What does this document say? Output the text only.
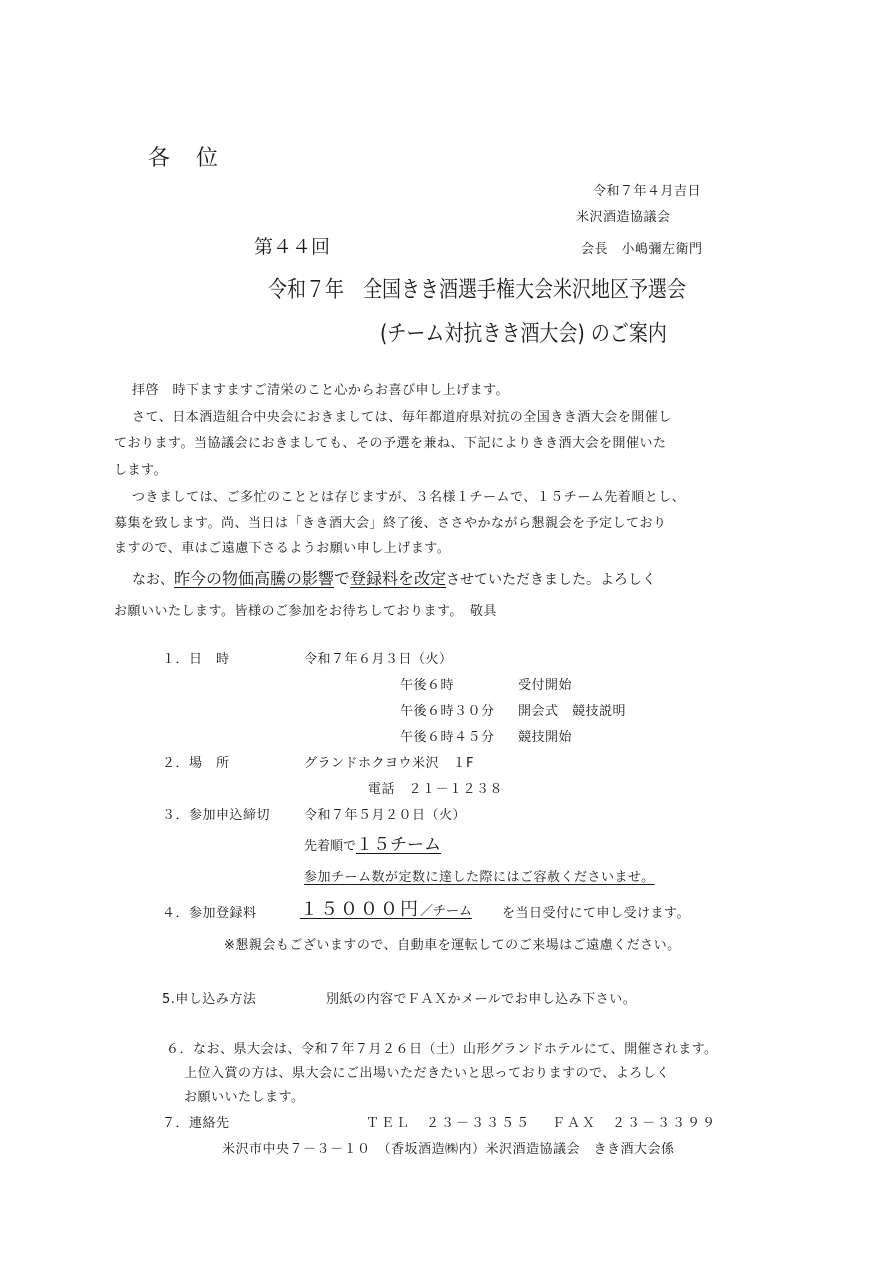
各　位
令和７年４月吉日
米沢酒造協議会
会長　小嶋彌左衛門
第４４回
令和７年　全国きき酒選手権大会米沢地区予選会
(チーム対抗きき酒大会) のご案内
拝啓　時下ますますご清栄のこと心からお喜び申し上げます。
さて、日本酒造組合中央会におきましては、毎年都道府県対抗の全国きき酒大会を開催し
ております。当協議会におきましても、その予選を兼ね、下記によりきき酒大会を開催いた
します。
つきましては、ご多忙のこととは存じますが、３名様１チームで、１５チーム先着順とし、
募集を致します。尚、当日は「きき酒大会」終了後、ささやかながら懇親会を予定しており
ますので、車はご遠慮下さるようお願い申し上げます。
なお、昨今の物価高騰の影響で登録料を改定させていただきました。よろしく
お願いいたします。皆様のご参加をお待ちしております。　敬具
１．日　時	令和７年６月３日（火）
午後６時	受付開始
午後６時３０分 開会式　競技説明
午後６時４５分 競技開始
２．場　所	グランドホクヨウ米沢　１F
電話　２１－１２３８
３．参加申込締切	令和７年５月２０日（火）
先着順で１５チーム
参加チーム数が定数に達した際にはご容赦くださいませ。
４．参加登録料 １５０００円／チーム を当日受付にて申し受けます。
※懇親会もございますので、自動車を運転してのご来場はご遠慮ください。
5.申し込み方法	別紙の内容でＦＡＸかメールでお申し込み下さい。
６．なお、県大会は、令和７年７月２６日（土）山形グランドホテルにて、開催されます。
上位入賞の方は、県大会にご出場いただきたいと思っておりますので、よろしく
お願いいたします。
７．連絡先	ＴＥＬ　２３－３３５５ ＦＡＸ　２３－３３９９
米沢市中央７－３－１０　（香坂酒造㈱内）米沢酒造協議会　きき酒大会係
